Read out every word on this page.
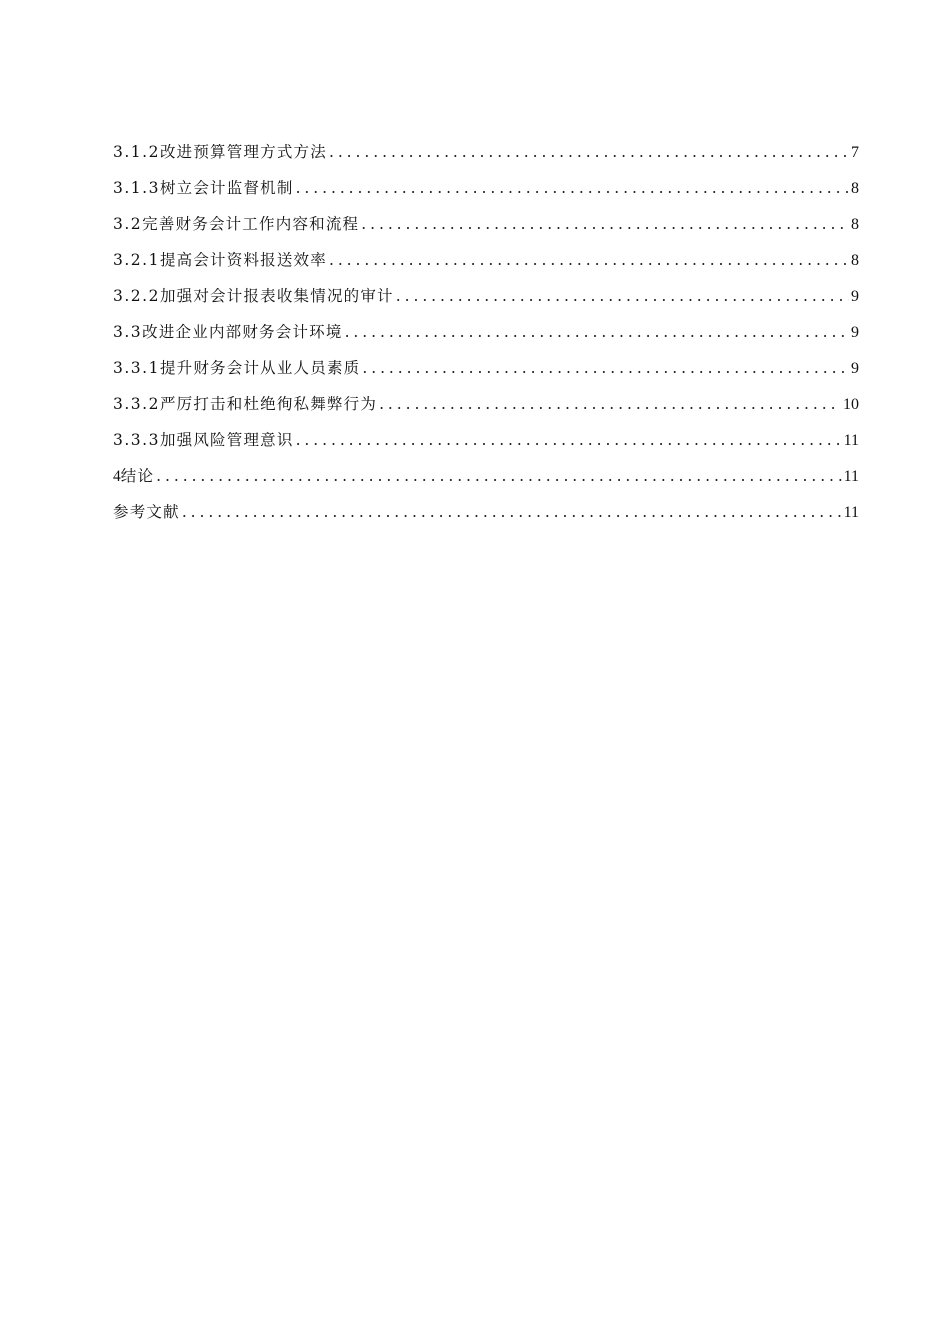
3.1.2 改进预算管理方式方法 . . .	7
3.1.3 树立会计监督机制 . . .	8
3.2 完善财务会计工作内容和流程 . . .	8
3.2.1 提高会计资料报送效率 . . .	8
3.2.2 加强对会计报表收集情况的审计 . . .	9
3.3 改进企业内部财务会计环境 . . .	9
3.3.1 提升财务会计从业人员素质 . . .	9
3.3.2 严厉打击和杜绝徇私舞弊行为 . . .	10
3.3.3 加强风险管理意识 . . .	11
4 结论 . . .	11
参考文献 . . .	11
